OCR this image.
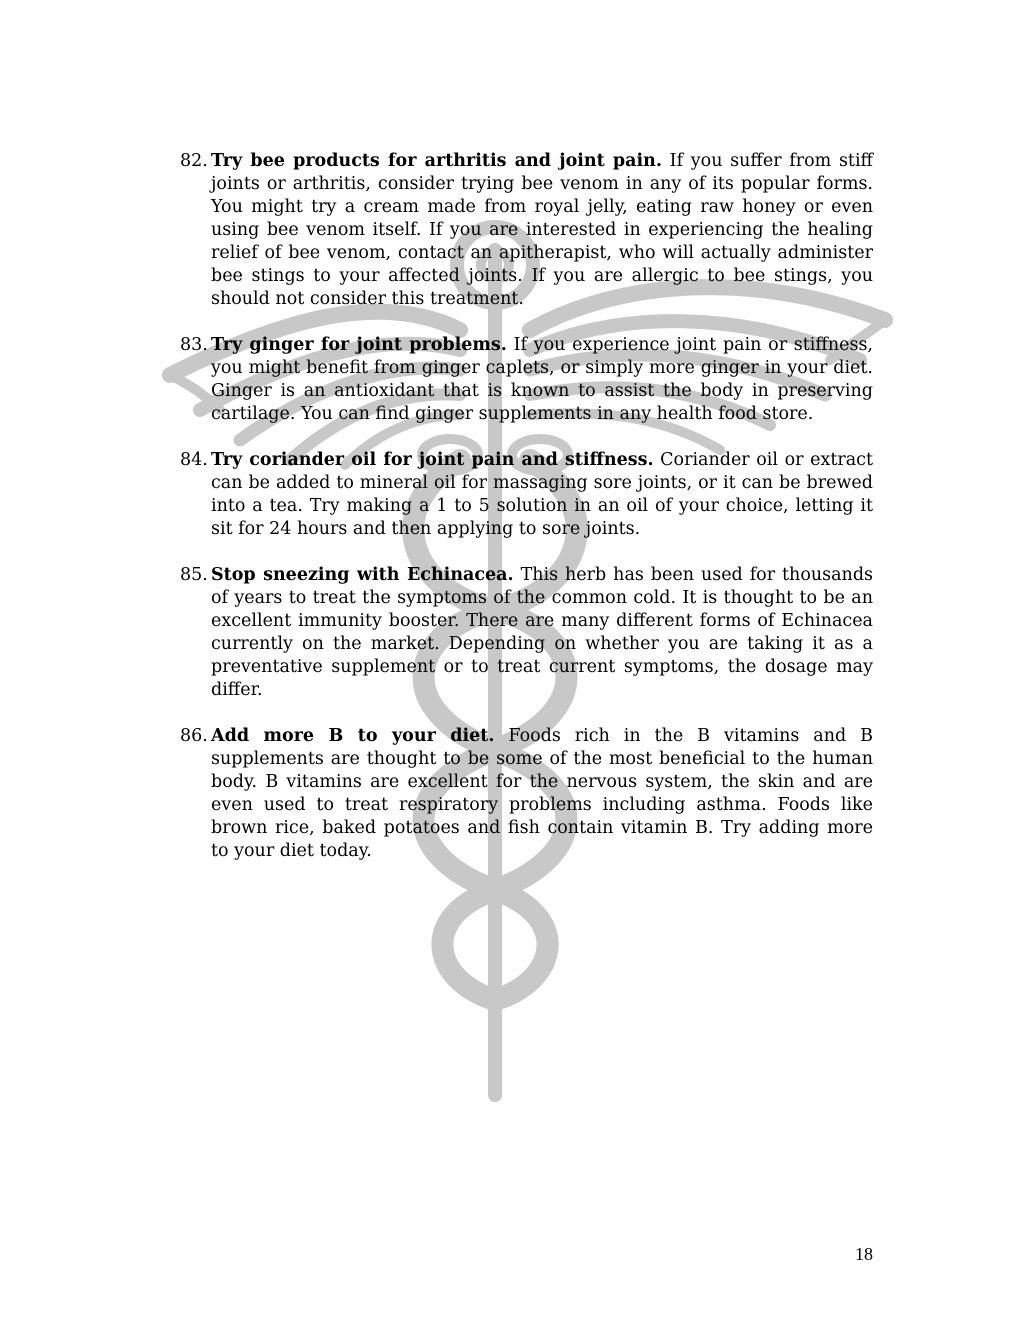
82. Try bee products for arthritis and joint pain. If you suffer from stiff joints or arthritis, consider trying bee venom in any of its popular forms. You might try a cream made from royal jelly, eating raw honey or even using bee venom itself. If you are interested in experiencing the healing relief of bee venom, contact an apitherapist, who will actually administer bee stings to your affected joints. If you are allergic to bee stings, you should not consider this treatment.
83. Try ginger for joint problems. If you experience joint pain or stiffness, you might benefit from ginger caplets, or simply more ginger in your diet. Ginger is an antioxidant that is known to assist the body in preserving cartilage. You can find ginger supplements in any health food store.
84. Try coriander oil for joint pain and stiffness. Coriander oil or extract can be added to mineral oil for massaging sore joints, or it can be brewed into a tea. Try making a 1 to 5 solution in an oil of your choice, letting it sit for 24 hours and then applying to sore joints.
85. Stop sneezing with Echinacea. This herb has been used for thousands of years to treat the symptoms of the common cold. It is thought to be an excellent immunity booster. There are many different forms of Echinacea currently on the market. Depending on whether you are taking it as a preventative supplement or to treat current symptoms, the dosage may differ.
86. Add more B to your diet. Foods rich in the B vitamins and B supplements are thought to be some of the most beneficial to the human body. B vitamins are excellent for the nervous system, the skin and are even used to treat respiratory problems including asthma. Foods like brown rice, baked potatoes and fish contain vitamin B. Try adding more to your diet today.
18
